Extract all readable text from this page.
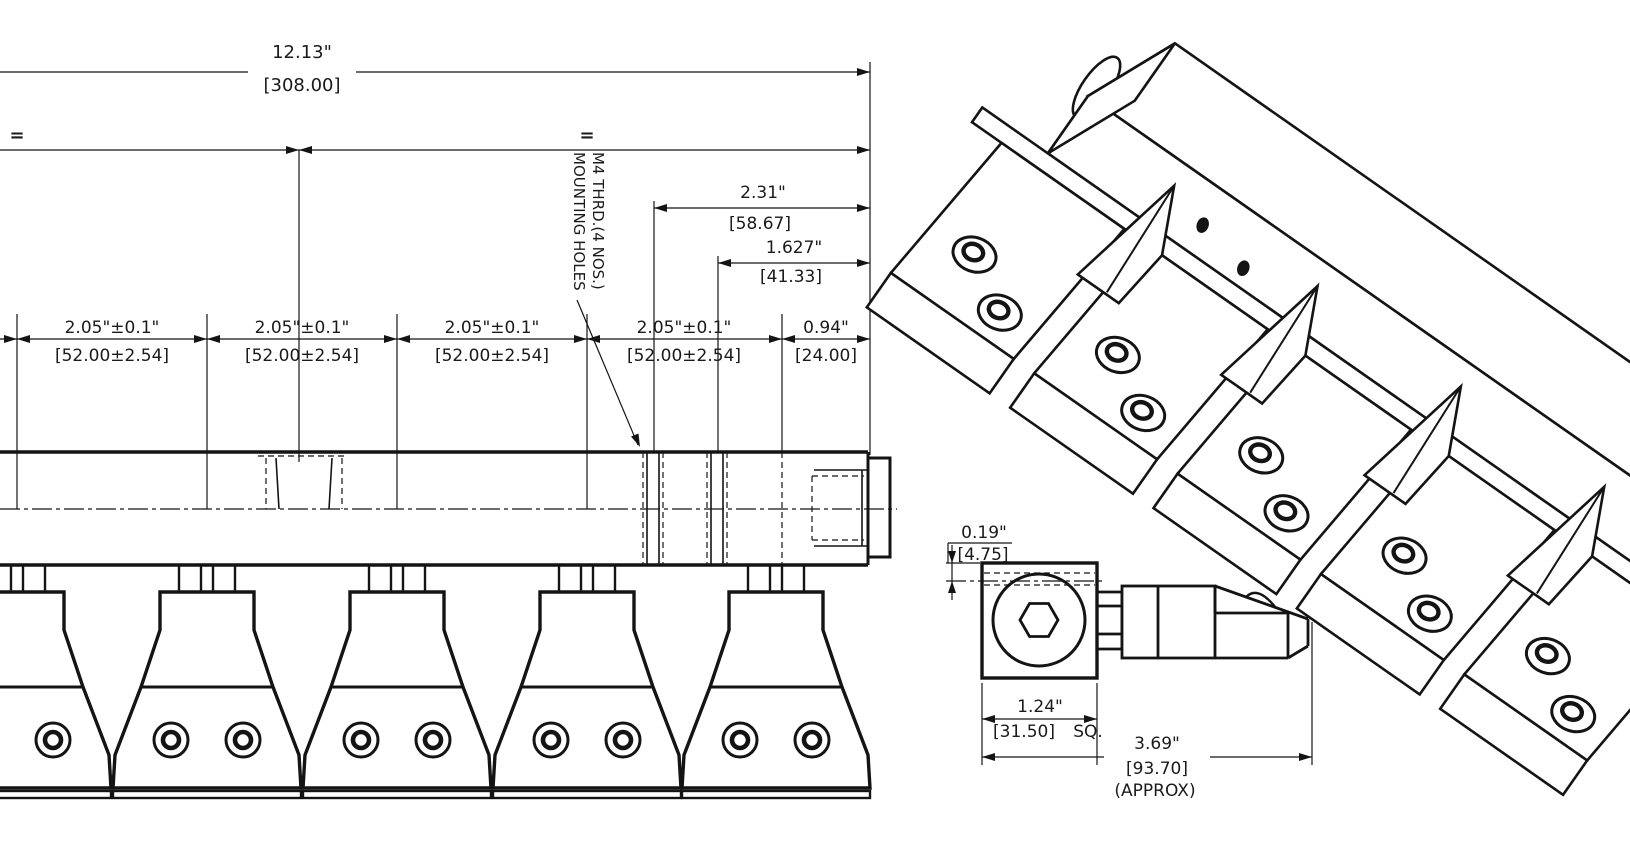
12.13"
[308.00]
=	=
2.31"
[58.67]
1.627"
[41.33]
2.05"±0.1"
[52.00±2.54]
2.05"±0.1"
[52.00±2.54]
2.05"±0.1"
[52.00±2.54]
2.05"±0.1"
[52.00±2.54]
0.94"
[24.00]
M4 THRD.(4 NOS.)
MOUNTING HOLES
0.19"
[4.75]
1.24"
[31.50] SQ.
3.69"
[93.70]
(APPROX)
